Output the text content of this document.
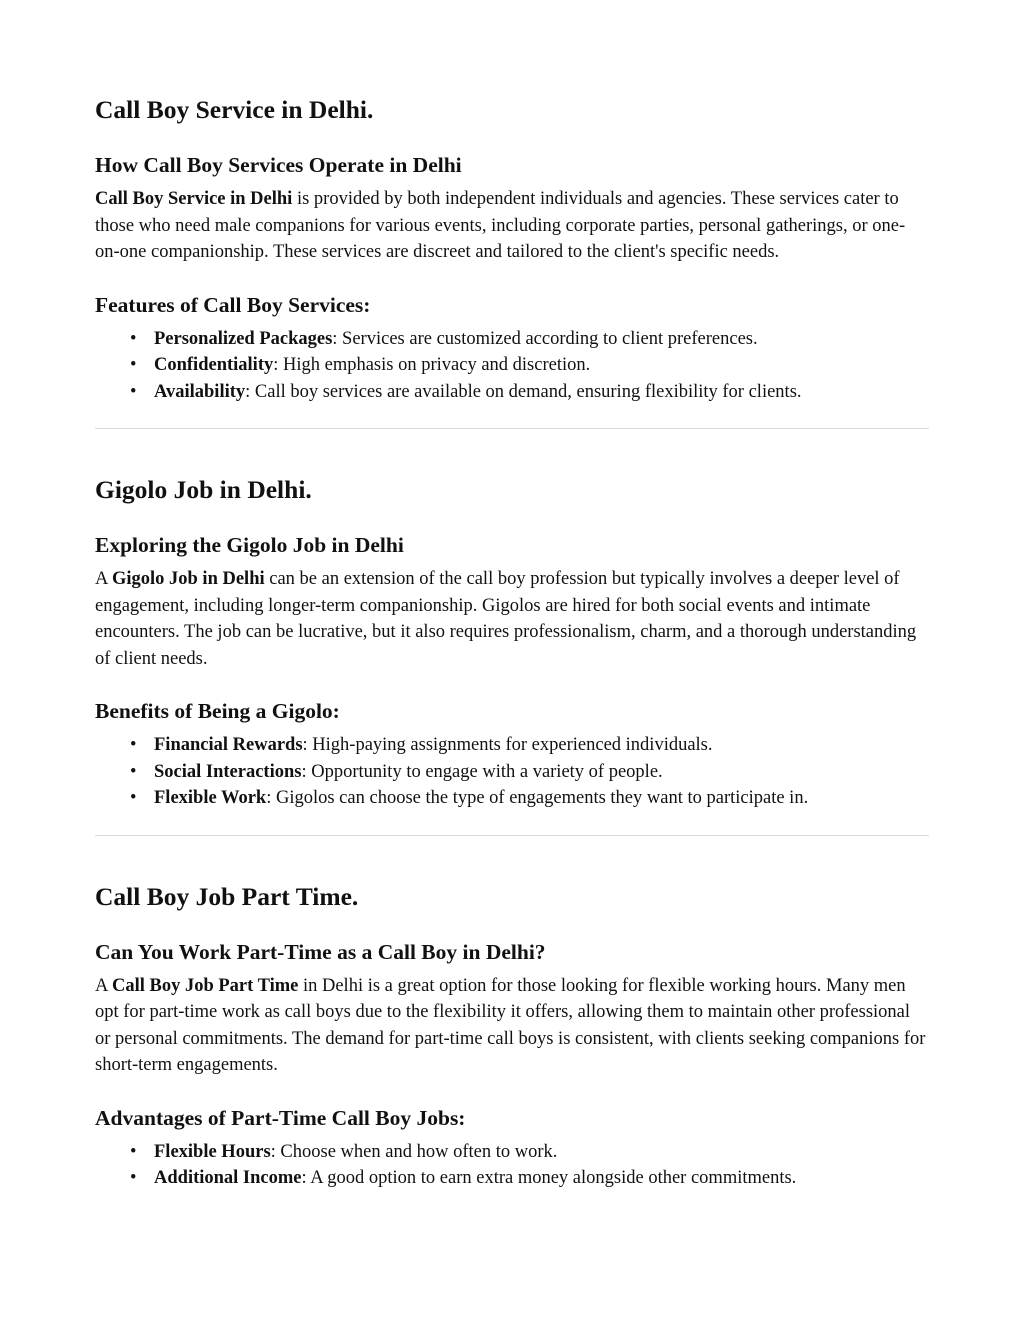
Call Boy Service in Delhi.
How Call Boy Services Operate in Delhi

Call Boy Service in Delhi is provided by both independent individuals and agencies. These services cater to those who need male companions for various events, including corporate parties, personal gatherings, or one-on-one companionship. These services are discreet and tailored to the client's specific needs.

Features of Call Boy Services:
• Personalized Packages: Services are customized according to client preferences.
• Confidentiality: High emphasis on privacy and discretion.
• Availability: Call boy services are available on demand, ensuring flexibility for clients.
Gigolo Job in Delhi.
Exploring the Gigolo Job in Delhi

A Gigolo Job in Delhi can be an extension of the call boy profession but typically involves a deeper level of engagement, including longer-term companionship. Gigolos are hired for both social events and intimate encounters. The job can be lucrative, but it also requires professionalism, charm, and a thorough understanding of client needs.

Benefits of Being a Gigolo:
• Financial Rewards: High-paying assignments for experienced individuals.
• Social Interactions: Opportunity to engage with a variety of people.
• Flexible Work: Gigolos can choose the type of engagements they want to participate in.
Call Boy Job Part Time.
Can You Work Part-Time as a Call Boy in Delhi?

A Call Boy Job Part Time in Delhi is a great option for those looking for flexible working hours. Many men opt for part-time work as call boys due to the flexibility it offers, allowing them to maintain other professional or personal commitments. The demand for part-time call boys is consistent, with clients seeking companions for short-term engagements.

Advantages of Part-Time Call Boy Jobs:
• Flexible Hours: Choose when and how often to work.
• Additional Income: A good option to earn extra money alongside other commitments.
